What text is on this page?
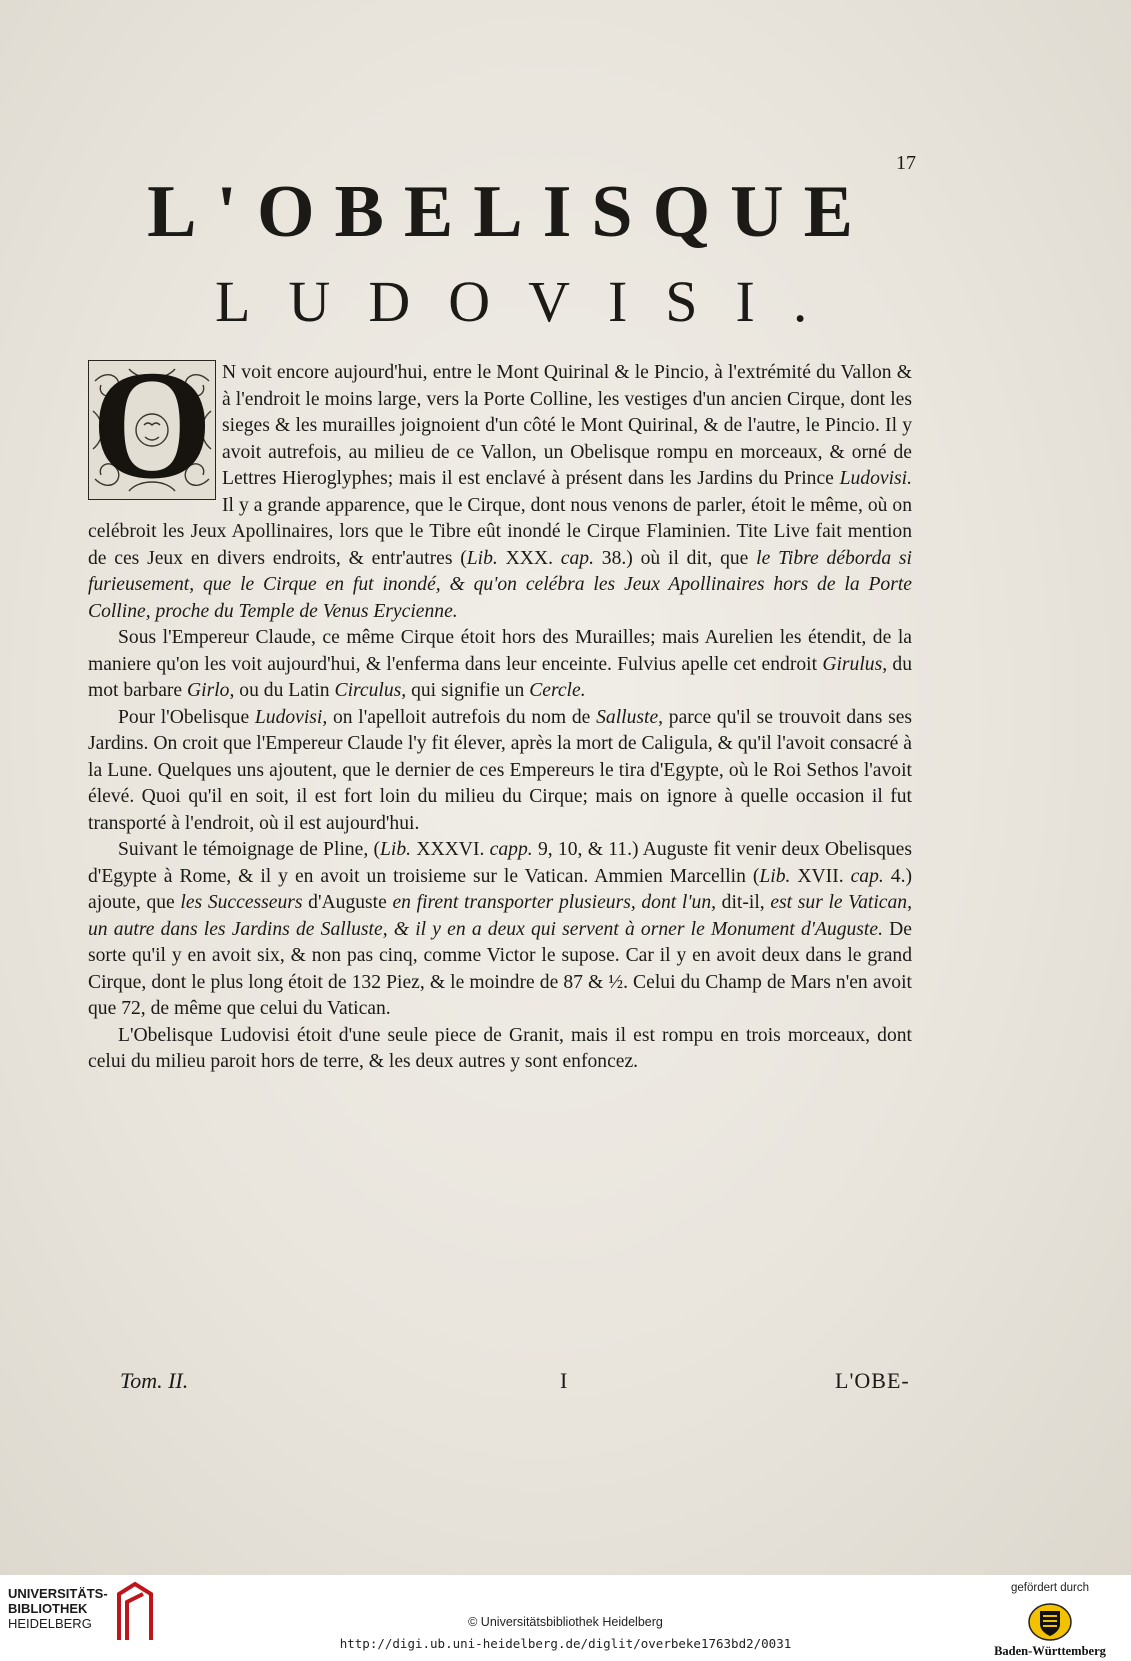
17
L'OBELISQUE
LUDOVISI.

O N voit encore aujourd'hui, entre le Mont Quirinal & le Pincio, à l'extrémité du Vallon & à l'endroit le moins large, vers la Porte Colline, les vestiges d'un ancien Cirque, dont les sieges & les murailles joignoient d'un côté le Mont Quirinal, & de l'autre, le Pincio. Il y avoit autrefois, au milieu de ce Vallon, un Obelisque rompu en morceaux, & orné de Lettres Hieroglyphes; mais il est enclavé à présent dans les Jardins du Prince Ludovisi. Il y a grande apparence, que le Cirque, dont nous venons de parler, étoit le même, où on celébroit les Jeux Apollinaires, lors que le Tibre eût inondé le Cirque Flaminien. Tite Live fait mention de ces Jeux en divers endroits, & entr'autres (Lib. XXX. cap. 38.) où il dit, que le Tibre déborda si furieusement, que le Cirque en fut inondé, & qu'on celébra les Jeux Apollinaires hors de la Porte Colline, proche du Temple de Venus Erycienne.

Sous l'Empereur Claude, ce même Cirque étoit hors des Murailles; mais Aurelien les étendit, de la maniere qu'on les voit aujourd'hui, & l'enferma dans leur enceinte. Fulvius apelle cet endroit Girulus, du mot barbare Girlo, ou du Latin Circulus, qui signifie un Cercle.

Pour l'Obelisque Ludovisi, on l'apelloit autrefois du nom de Salluste, parce qu'il se trouvoit dans ses Jardins. On croit que l'Empereur Claude l'y fit élever, après la mort de Caligula, & qu'il l'avoit consacré à la Lune. Quelques uns ajoutent, que le dernier de ces Empereurs le tira d'Egypte, où le Roi Sethos l'avoit élevé. Quoi qu'il en soit, il est fort loin du milieu du Cirque; mais on ignore à quelle occasion il fut transporté à l'endroit, où il est aujourd'hui.

Suivant le témoignage de Pline, (Lib. XXXVI. capp. 9, 10, & 11.) Auguste fit venir deux Obelisques d'Egypte à Rome, & il y en avoit un troisieme sur le Vatican. Ammien Marcellin (Lib. XVII. cap. 4.) ajoute, que les Successeurs d'Auguste en firent transporter plusieurs, dont l'un, dit-il, est sur le Vatican, un autre dans les Jardins de Salluste, & il y en a deux qui servent à orner le Monument d'Auguste. De sorte qu'il y en avoit six, & non pas cinq, comme Victor le supose. Car il y en avoit deux dans le grand Cirque, dont le plus long étoit de 132 Piez, & le moindre de 87 & ½. Celui du Champ de Mars n'en avoit que 72, de même que celui du Vatican.

L'Obelisque Ludovisi étoit d'une seule piece de Granit, mais il est rompu en trois morceaux, dont celui du milieu paroit hors de terre, & les deux autres y sont enfoncez.

Tom. II.	I	L'OBE-
UNIVERSITÄTS-
BIBLIOTHEK
HEIDELBERG	© Universitätsbibliothek Heidelberg
http://digi.ub.uni-heidelberg.de/diglit/overbeke1763bd2/0031
gefördert durch
Baden-Württemberg
